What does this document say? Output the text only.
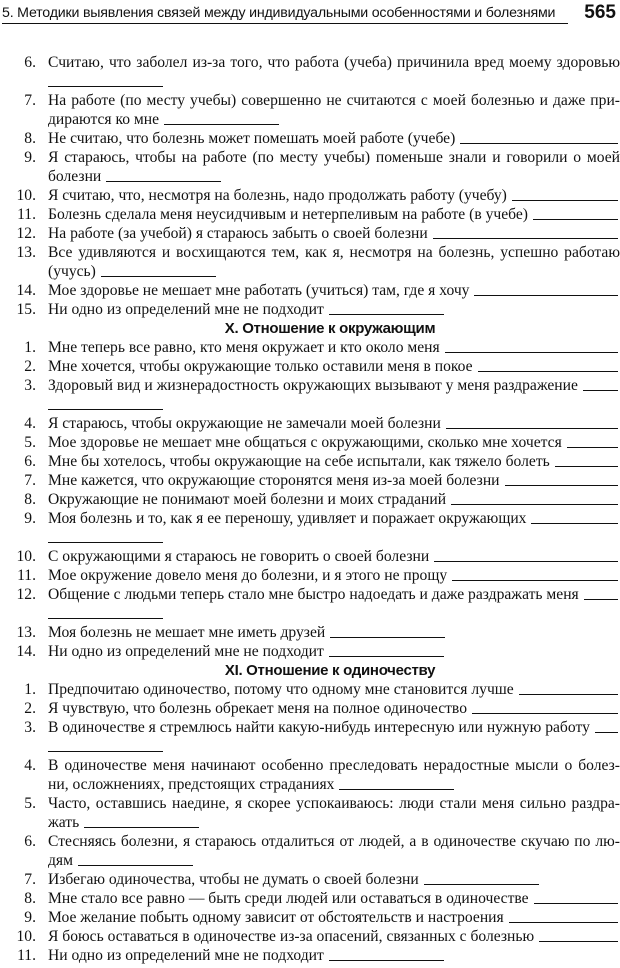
5. Методики выявления связей между индивидуальными особенностями и болезнями	565
6. Считаю, что заболел из-за того, что работа (учеба) причинила вред моему здоровью
7. На работе (по месту учебы) совершенно не считаются с моей болезнью и даже при-
дираются ко мне
8. Не считаю, что болезнь может помешать моей работе (учебе)
9. Я стараюсь, чтобы на работе (по месту учебы) поменьше знали и говорили о моей
болезни
10. Я считаю, что, несмотря на болезнь, надо продолжать работу (учебу)
11. Болезнь сделала меня неусидчивым и нетерпеливым на работе (в учебе)
12. На работе (за учебой) я стараюсь забыть о своей болезни
13. Все удивляются и восхищаются тем, как я, несмотря на болезнь, успешно работаю
(учусь)
14. Мое здоровье не мешает мне работать (учиться) там, где я хочу
15. Ни одно из определений мне не подходит
X. Отношение к окружающим
1. Мне теперь все равно, кто меня окружает и кто около меня
2. Мне хочется, чтобы окружающие только оставили меня в покое
3. Здоровый вид и жизнерадостность окружающих вызывают у меня раздражение
4. Я стараюсь, чтобы окружающие не замечали моей болезни
5. Мое здоровье не мешает мне общаться с окружающими, сколько мне хочется
6. Мне бы хотелось, чтобы окружающие на себе испытали, как тяжело болеть
7. Мне кажется, что окружающие сторонятся меня из-за моей болезни
8. Окружающие не понимают моей болезни и моих страданий
9. Моя болезнь и то, как я ее переношу, удивляет и поражает окружающих
10. С окружающими я стараюсь не говорить о своей болезни
11. Мое окружение довело меня до болезни, и я этого не прощу
12. Общение с людьми теперь стало мне быстро надоедать и даже раздражать меня
13. Моя болезнь не мешает мне иметь друзей
14. Ни одно из определений мне не подходит
XI. Отношение к одиночеству
1. Предпочитаю одиночество, потому что одному мне становится лучше
2. Я чувствую, что болезнь обрекает меня на полное одиночество
3. В одиночестве я стремлюсь найти какую-нибудь интересную или нужную работу
4. В одиночестве меня начинают особенно преследовать нерадостные мысли о болез-
ни, осложнениях, предстоящих страданиях
5. Часто, оставшись наедине, я скорее успокаиваюсь: люди стали меня сильно раздра-
жать
6. Стесняясь болезни, я стараюсь отдалиться от людей, а в одиночестве скучаю по лю-
дям
7. Избегаю одиночества, чтобы не думать о своей болезни
8. Мне стало все равно — быть среди людей или оставаться в одиночестве
9. Мое желание побыть одному зависит от обстоятельств и настроения
10. Я боюсь оставаться в одиночестве из-за опасений, связанных с болезнью
11. Ни одно из определений мне не подходит
